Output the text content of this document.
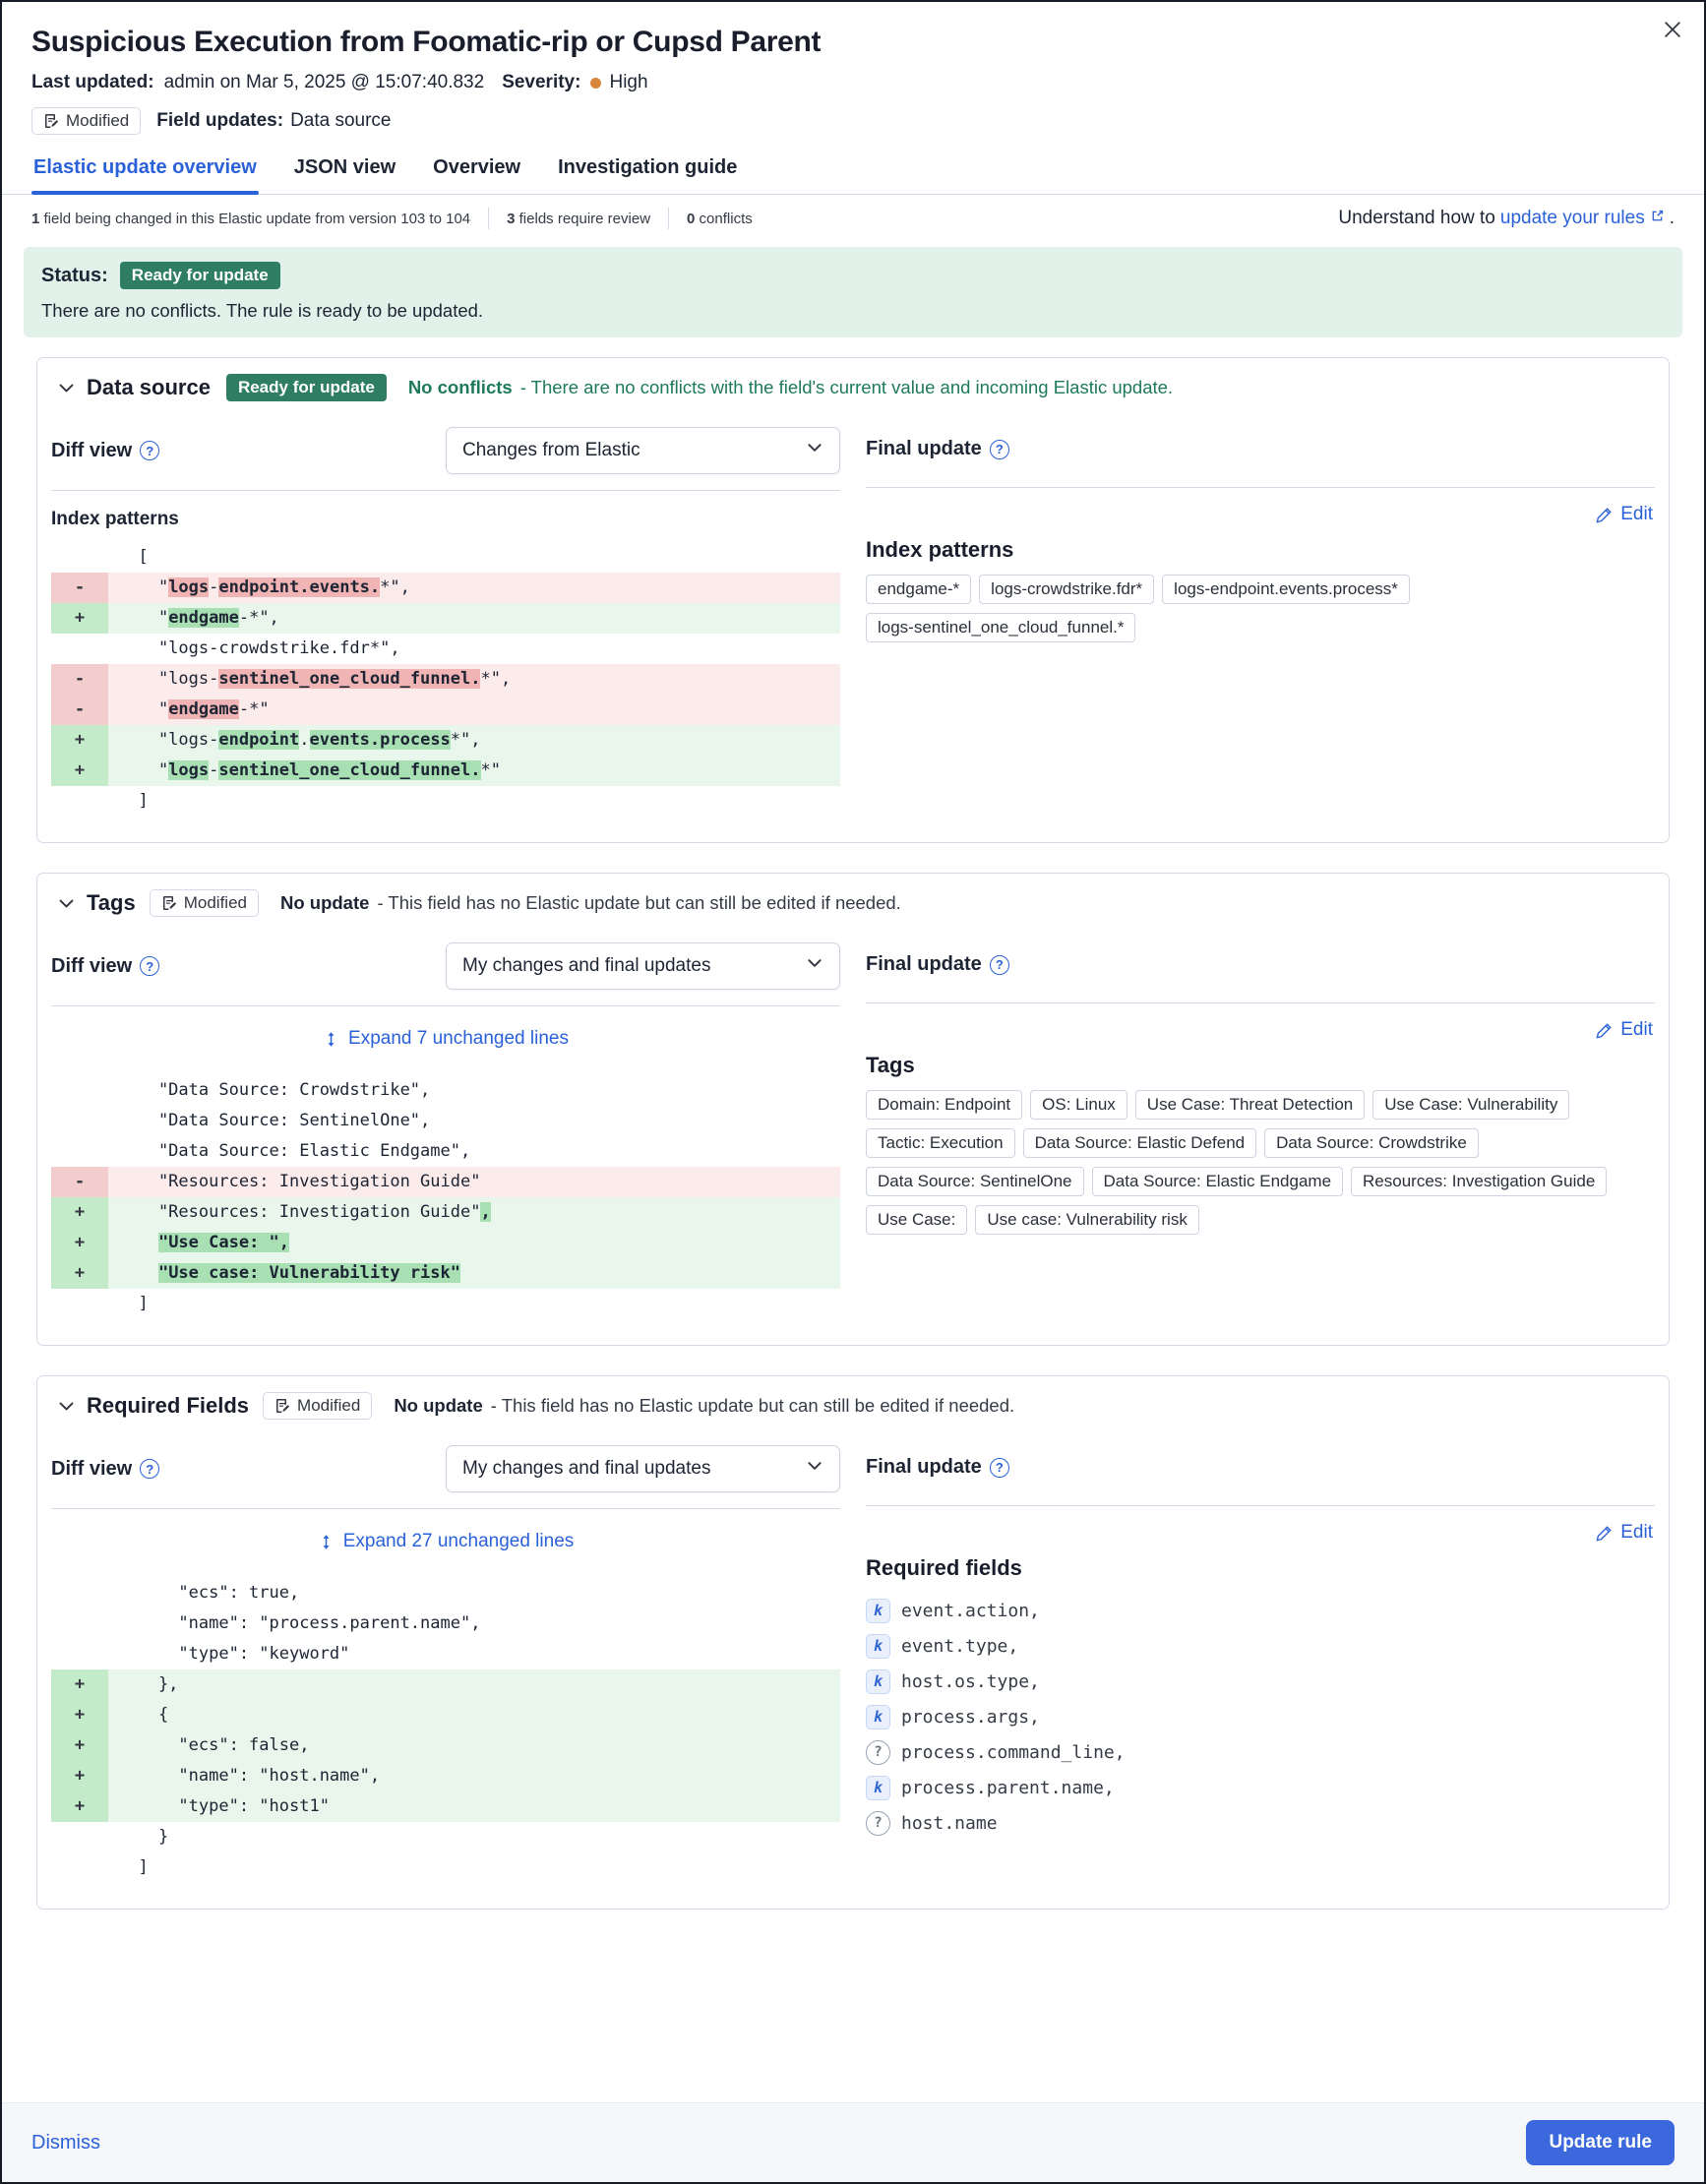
Suspicious Execution from Foomatic-rip or Cupsd Parent
Last updated: admin on Mar 5, 2025 @ 15:07:40.832 Severity: High
Modified Field updates: Data source
Elastic update overview JSON view Overview Investigation guide
1 field being changed in this Elastic update from version 103 to 104 3 fields require review 0 conflicts	Understand how to update your rules .
Status:	Ready for update
There are no conflicts. The rule is ready to be updated.
Data source	Ready for update	No conflicts - There are no conflicts with the field's current value and incoming Elastic update.
Diff view	?	Changes from Elastic
Index patterns
[
-	"logs-endpoint.events.*",
+	"endgame-*",
"logs-crowdstrike.fdr*",
-	"logs-sentinel_one_cloud_funnel.*",
-	"endgame-*"
+	"logs-endpoint.events.process*",
+	"logs-sentinel_one_cloud_funnel.*"
]
Final update	?
Edit
Index patterns
endgame-*	logs-crowdstrike.fdr*	logs-endpoint.events.process*
logs-sentinel_one_cloud_funnel.*
Tags	Modified No update - This field has no Elastic update but can still be edited if needed.
Diff view	?	My changes and final updates
Expand 7 unchanged lines
"Data Source: Crowdstrike",
"Data Source: SentinelOne",
"Data Source: Elastic Endgame",
-	"Resources: Investigation Guide"
+	"Resources: Investigation Guide",
+	"Use Case: ",
+	"Use case: Vulnerability risk"
]
Final update	?
Edit
Tags
Domain: Endpoint	OS: Linux	Use Case: Threat Detection	Use Case: Vulnerability
Tactic: Execution	Data Source: Elastic Defend	Data Source: Crowdstrike
Data Source: SentinelOne	Data Source: Elastic Endgame	Resources: Investigation Guide
Use Case:	Use case: Vulnerability risk
Required Fields	Modified No update - This field has no Elastic update but can still be edited if needed.
Diff view	?	My changes and final updates
Expand 27 unchanged lines
"ecs": true,
"name": "process.parent.name",
"type": "keyword"
+	},
+	{
+	"ecs": false,
+	"name": "host.name",
+	"type": "host1"
}
]
Final update	?
Edit
Required fields
k	event.action,
k	event.type,
k	host.os.type,
k	process.args,
?	process.command_line,
k	process.parent.name,
?	host.name
Dismiss	Update rule
